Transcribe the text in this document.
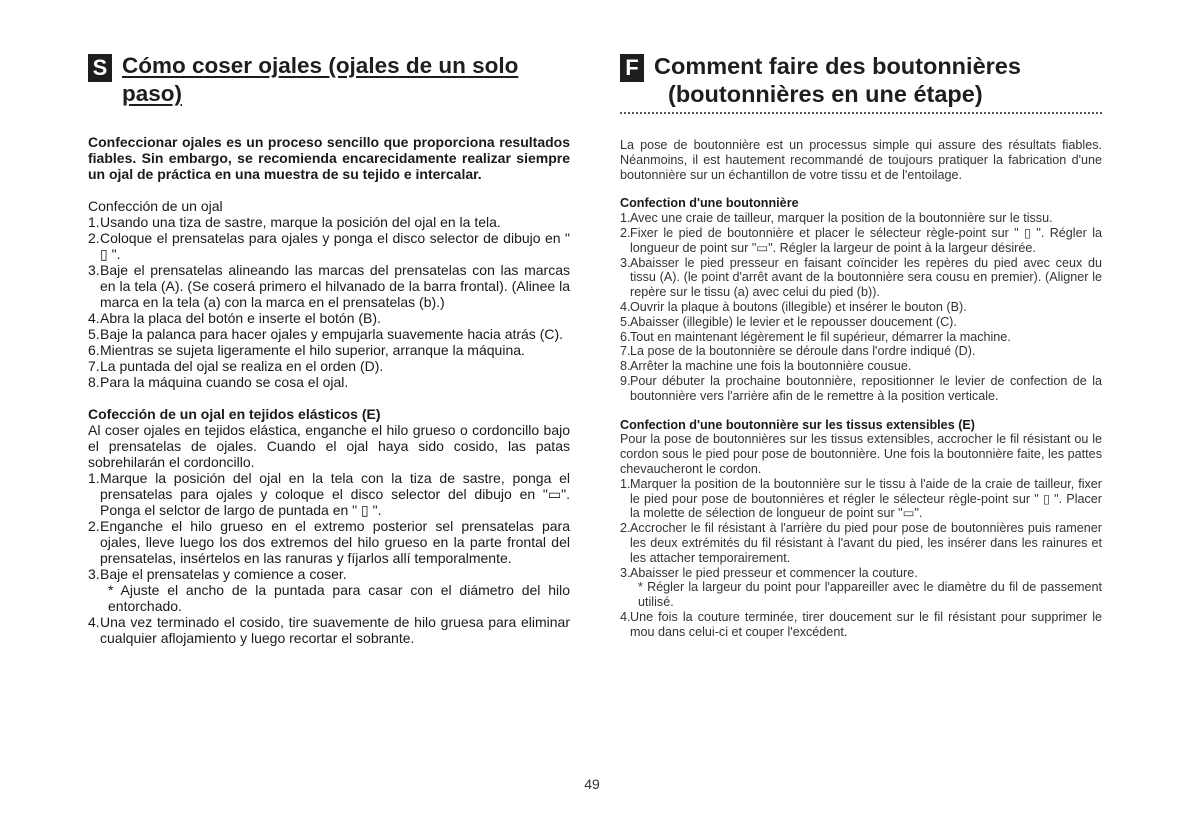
S Cómo coser ojales (ojales de un solo paso)

Confeccionar ojales es un proceso sencillo que proporciona resultados fiables. Sin embargo, se recomienda encarecidamente realizar siempre un ojal de práctica en una muestra de su tejido e intercalar.

Confección de un ojal

1. Usando una tiza de sastre, marque la posición del ojal en la tela.
2. Coloque el prensatelas para ojales y ponga el disco selector de dibujo en " ▯ ".
3. Baje el prensatelas alineando las marcas del prensatelas con las marcas en la tela (A). (Se coserá primero el hilvanado de la barra frontal). (Alinee la marca en la tela (a) con la marca en el prensatelas (b).)
4. Abra la placa del botón e inserte el botón (B).
5. Baje la palanca para hacer ojales y empujarla suavemente hacia atrás (C).
6. Mientras se sujeta ligeramente el hilo superior, arranque la máquina.
7. La puntada del ojal se realiza en el orden (D).
8. Para la máquina cuando se cosa el ojal.

Cofección de un ojal en tejidos elásticos (E)

Al coser ojales en tejidos elástica, enganche el hilo grueso o cordoncillo bajo el prensatelas de ojales. Cuando el ojal haya sido cosido, las patas sobrehilarán el cordoncillo.

1. Marque la posición del ojal en la tela con la tiza de sastre, ponga el prensatelas para ojales y coloque el disco selector del dibujo en "▭". Ponga el selctor de largo de puntada en " ▯ ".
2. Enganche el hilo grueso en el extremo posterior sel prensatelas para ojales, lleve luego los dos extremos del hilo grueso en la parte frontal del prensatelas, insértelos en las ranuras y fíjarlos allí temporalmente.
3. Baje el prensatelas y comience a coser.
* Ajuste el ancho de la puntada para casar con el diámetro del hilo entorchado.
4. Una vez terminado el cosido, tire suavemente de hilo gruesa para eliminar cualquier aflojamiento y luego recortar el sobrante.
F Comment faire des boutonnières
(boutonnières en une étape)

La pose de boutonnière est un processus simple qui assure des résultats fiables. Néanmoins, il est hautement recommandé de toujours pratiquer la fabrication d'une boutonnière sur un échantillon de votre tissu et de l'entoilage.

Confection d'une boutonnière

1. Avec une craie de tailleur, marquer la position de la boutonnière sur le tissu.
2. Fixer le pied de boutonnière et placer le sélecteur règle-point sur " ▯ ". Régler la longueur de point sur "▭". Régler la largeur de point à la largeur désirée.
3. Abaisser le pied presseur en faisant coïncider les repères du pied avec ceux du tissu (A). (le point d'arrêt avant de la boutonnière sera cousu en premier). (Aligner le repère sur le tissu (a) avec celui du pied (b)).
4. Ouvrir la plaque à boutons (illegible) et insérer le bouton (B).
5. Abaisser (illegible) le levier et le repousser doucement (C).
6. Tout en maintenant légèrement le fil supérieur, démarrer la machine.
7. La pose de la boutonnière se déroule dans l'ordre indiqué (D).
8. Arrêter la machine une fois la boutonnière cousue.
9. Pour débuter la prochaine boutonnière, repositionner le levier de confection de la boutonnière vers l'arrière afin de le remettre à la position verticale.

Confection d'une boutonnière sur les tissus extensibles (E)

Pour la pose de boutonnières sur les tissus extensibles, accrocher le fil résistant ou le cordon sous le pied pour pose de boutonnière. Une fois la boutonnière faite, les pattes chevaucheront le cordon.

1. Marquer la position de la boutonnière sur le tissu à l'aide de la craie de tailleur, fixer le pied pour pose de boutonnières et régler le sélecteur règle-point sur " ▯ ". Placer la molette de sélection de longueur de point sur "▭".
2. Accrocher le fil résistant à l'arrière du pied pour pose de boutonnières puis ramener les deux extrémités du fil résistant à l'avant du pied, les insérer dans les rainures et les attacher temporairement.
3. Abaisser le pied presseur et commencer la couture.
* Régler la largeur du point pour l'appareiller avec le diamètre du fil de passement utilisé.
4. Une fois la couture terminée, tirer doucement sur le fil résistant pour supprimer le mou dans celui-ci et couper l'excédent.
49
